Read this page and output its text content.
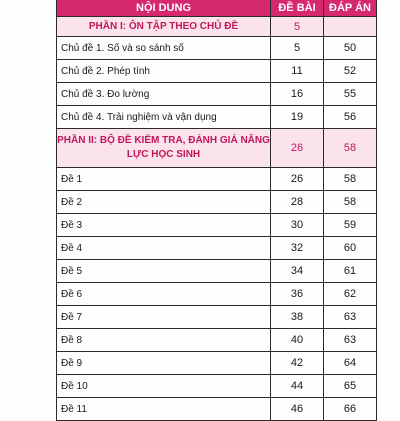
NỘI DUNG	ĐỀ BÀI	ĐÁP ÁN
PHẦN I: ÔN TẬP THEO CHỦ ĐỀ	5	
Chủ đề 1. Số và so sánh số	5	50
Chủ đề 2. Phép tính	11	52
Chủ đề 3. Đo lường	16	55
Chủ đề 4. Trải nghiệm và vận dụng	19	56
PHẦN II: BỘ ĐỀ KIỂM TRA, ĐÁNH GIÁ NĂNG LỰC HỌC SINH	26	58
Đề 1	26	58
Đề 2	28	58
Đề 3	30	59
Đề 4	32	60
Đề 5	34	61
Đề 6	36	62
Đề 7	38	63
Đề 8	40	63
Đề 9	42	64
Đề 10	44	65
Đề 11	46	66
